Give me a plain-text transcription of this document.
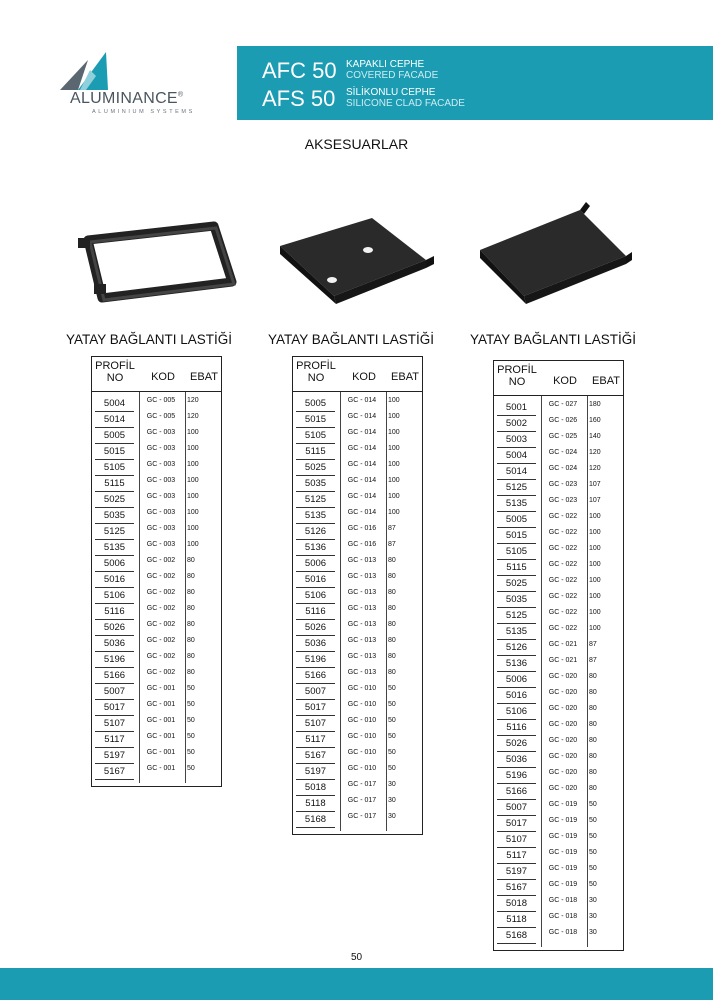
ALUMINANCE®
ALUMINIUM SYSTEMS
AFC 50 KAPAKLI CEPHE
COVERED FACADE
AFS 50 SİLİKONLU CEPHE
SILICONE CLAD FACADE
AKSESUARLAR
YATAY BAĞLANTI LASTİĞİ	YATAY BAĞLANTI LASTİĞİ	YATAY BAĞLANTI LASTİĞİ
PROFİL
NO	KOD	EBAT
5004	GC - 005	120
5014	GC - 005	120
5005	GC - 003	100
5015	GC - 003	100
5105	GC - 003	100
5115	GC - 003	100
5025	GC - 003	100
5035	GC - 003	100
5125	GC - 003	100
5135	GC - 003	100
5006	GC - 002	80
5016	GC - 002	80
5106	GC - 002	80
5116	GC - 002	80
5026	GC - 002	80
5036	GC - 002	80
5196	GC - 002	80
5166	GC - 002	80
5007	GC - 001	50
5017	GC - 001	50
5107	GC - 001	50
5117	GC - 001	50
5197	GC - 001	50
5167	GC - 001	50
PROFİL
NO	KOD	EBAT
5005	GC - 014	100
5015	GC - 014	100
5105	GC - 014	100
5115	GC - 014	100
5025	GC - 014	100
5035	GC - 014	100
5125	GC - 014	100
5135	GC - 014	100
5126	GC - 016	87
5136	GC - 016	87
5006	GC - 013	80
5016	GC - 013	80
5106	GC - 013	80
5116	GC - 013	80
5026	GC - 013	80
5036	GC - 013	80
5196	GC - 013	80
5166	GC - 013	80
5007	GC - 010	50
5017	GC - 010	50
5107	GC - 010	50
5117	GC - 010	50
5167	GC - 010	50
5197	GC - 010	50
5018	GC - 017	30
5118	GC - 017	30
5168	GC - 017	30
PROFİL
NO	KOD	EBAT
5001	GC - 027	180
5002	GC - 026	160
5003	GC - 025	140
5004	GC - 024	120
5014	GC - 024	120
5125	GC - 023	107
5135	GC - 023	107
5005	GC - 022	100
5015	GC - 022	100
5105	GC - 022	100
5115	GC - 022	100
5025	GC - 022	100
5035	GC - 022	100
5125	GC - 022	100
5135	GC - 022	100
5126	GC - 021	87
5136	GC - 021	87
5006	GC - 020	80
5016	GC - 020	80
5106	GC - 020	80
5116	GC - 020	80
5026	GC - 020	80
5036	GC - 020	80
5196	GC - 020	80
5166	GC - 020	80
5007	GC - 019	50
5017	GC - 019	50
5107	GC - 019	50
5117	GC - 019	50
5197	GC - 019	50
5167	GC - 019	50
5018	GC - 018	30
5118	GC - 018	30
5168	GC - 018	30
50
